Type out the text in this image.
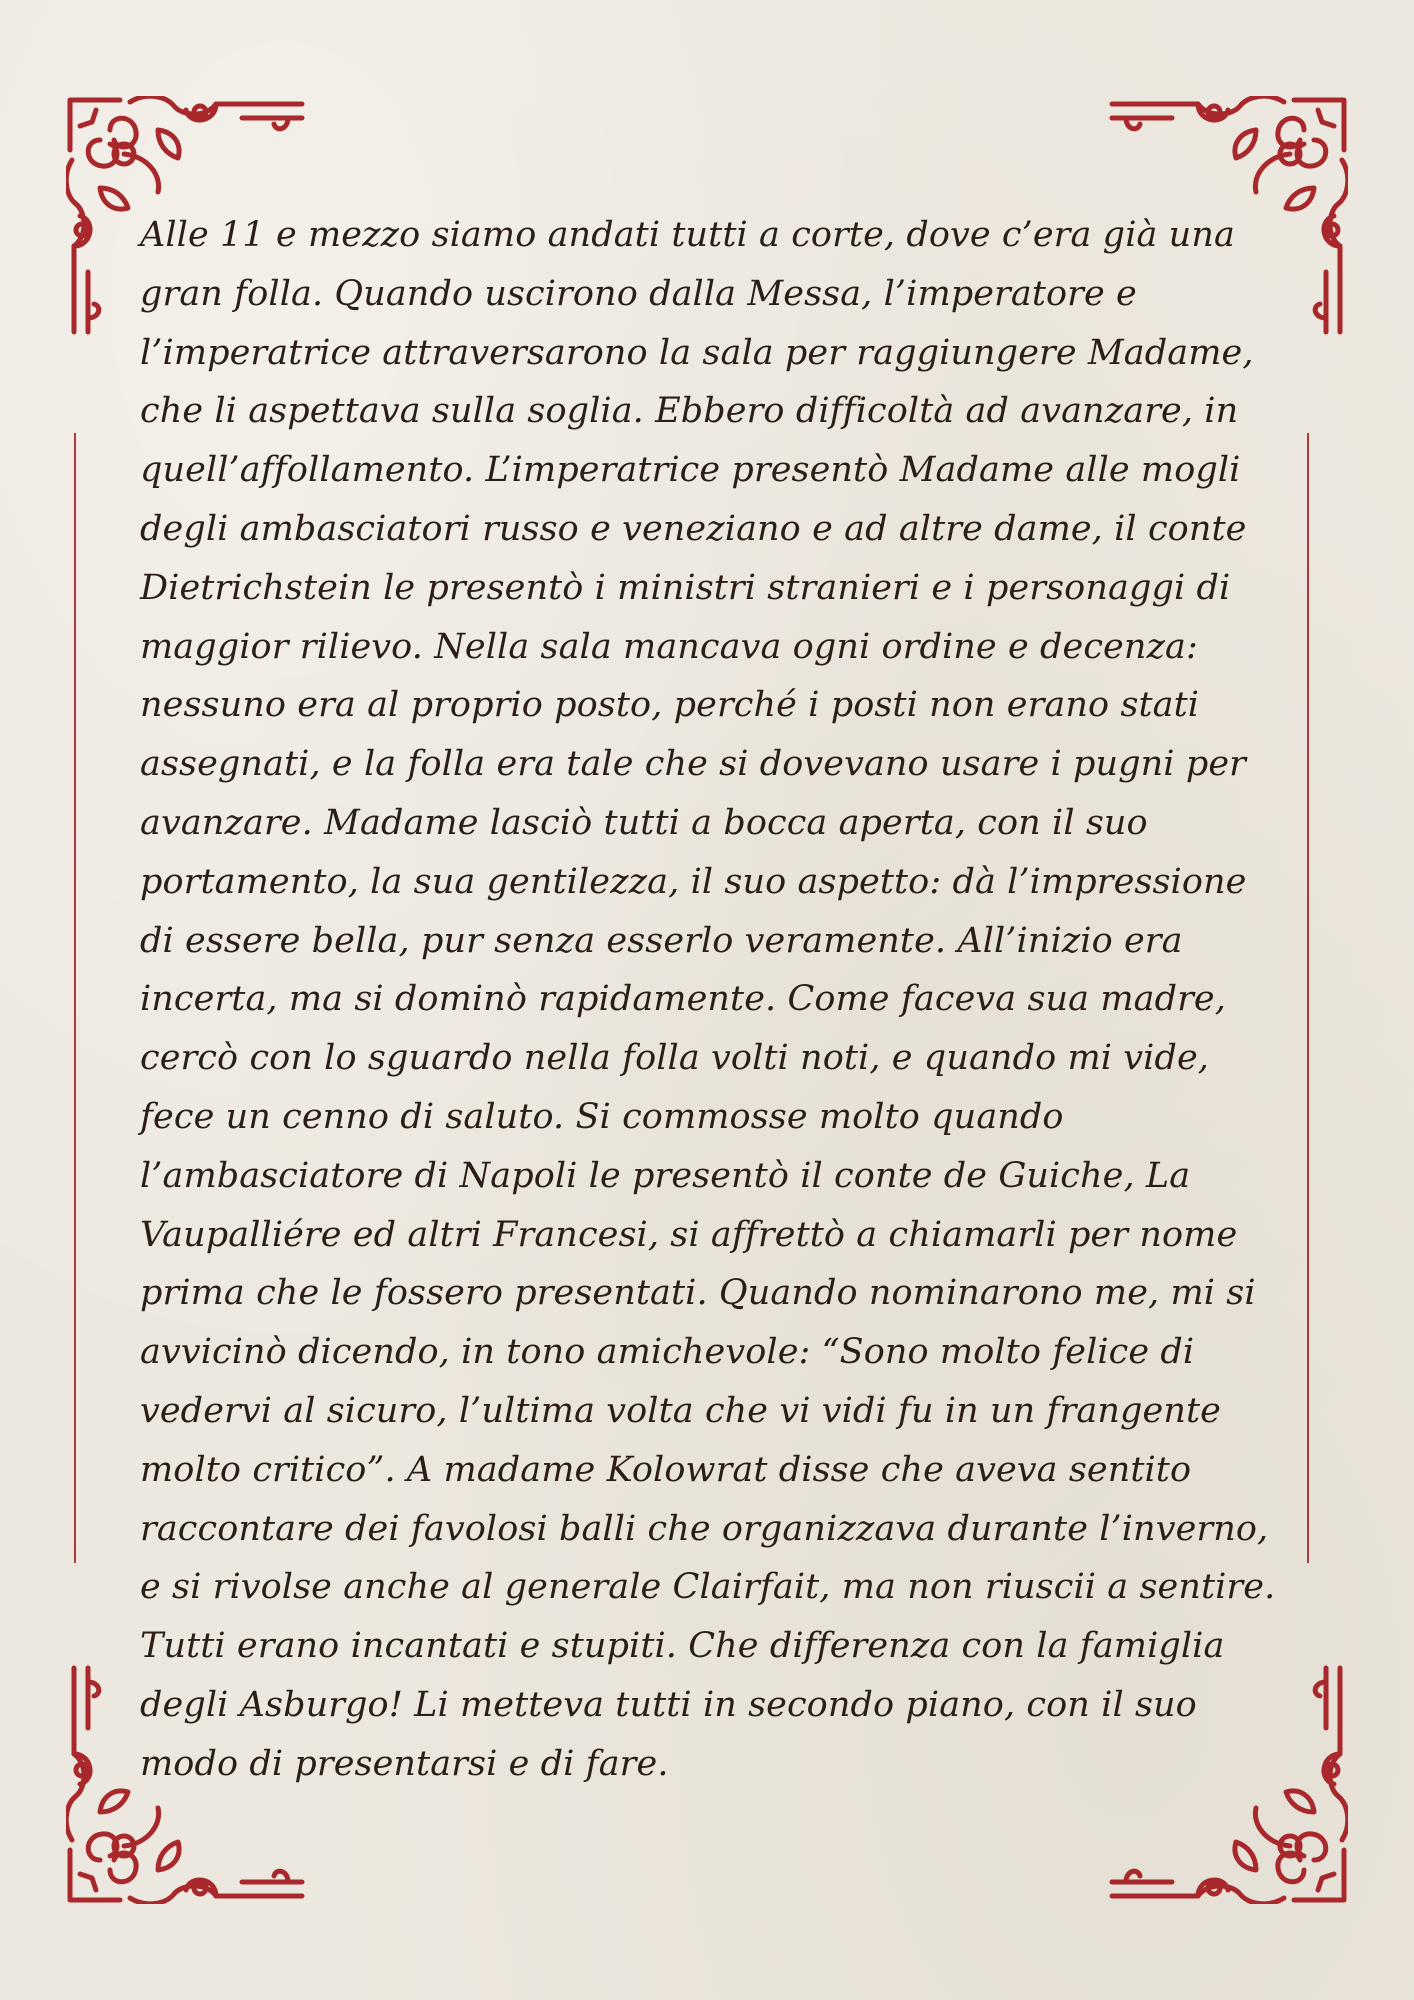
Alle 11 e mezzo siamo andati tutti a corte, dove c’era già una gran folla. Quando uscirono dalla Messa, l’imperatore e l’imperatrice attraversarono la sala per raggiungere Madame, che li aspettava sulla soglia. Ebbero difficoltà ad avanzare, in quell’affollamento. L’imperatrice presentò Madame alle mogli degli ambasciatori russo e veneziano e ad altre dame, il conte Dietrichstein le presentò i ministri stranieri e i personaggi di maggior rilievo. Nella sala mancava ogni ordine e decenza: nessuno era al proprio posto, perché i posti non erano stati assegnati, e la folla era tale che si dovevano usare i pugni per avanzare. Madame lasciò tutti a bocca aperta, con il suo portamento, la sua gentilezza, il suo aspetto: dà l’impressione di essere bella, pur senza esserlo veramente. All’inizio era incerta, ma si dominò rapidamente. Come faceva sua madre, cercò con lo sguardo nella folla volti noti, e quando mi vide, fece un cenno di saluto. Si commosse molto quando l’ambasciatore di Napoli le presentò il conte de Guiche, La Vaupalliére ed altri Francesi, si affrettò a chiamarli per nome prima che le fossero presentati. Quando nominarono me, mi si avvicinò dicendo, in tono amichevole: “Sono molto felice di vedervi al sicuro, l’ultima volta che vi vidi fu in un frangente molto critico”. A madame Kolowrat disse che aveva sentito raccontare dei favolosi balli che organizzava durante l’inverno, e si rivolse anche al generale Clairfait, ma non riuscii a sentire. Tutti erano incantati e stupiti. Che differenza con la famiglia degli Asburgo! Li metteva tutti in secondo piano, con il suo modo di presentarsi e di fare.
